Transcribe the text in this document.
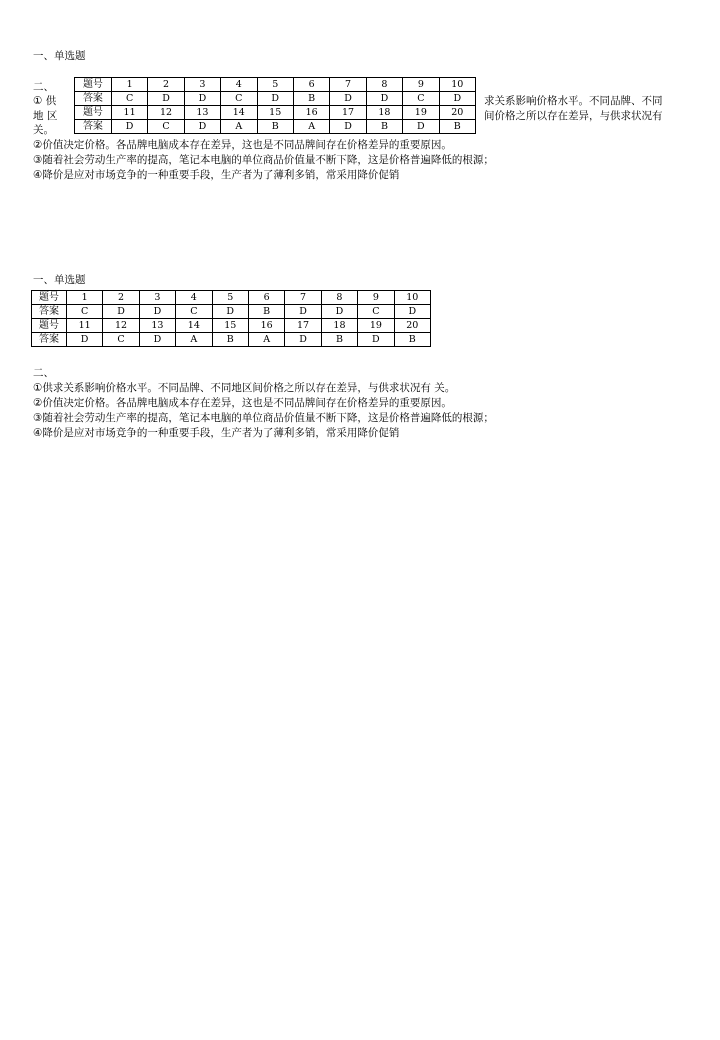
一、单选题
二、
① 供
地 区
关。
题号	1	2	3	4	5	6	7	8	9	10
答案	C	D	D	C	D	B	D	D	C	D
题号	11	12	13	14	15	16	17	18	19	20
答案	D	C	D	A	B	A	D	B	D	B
求关系影响价格水平。不同品牌、不同
间价格之所以存在差异，与供求状况有
②价值决定价格。各品牌电脑成本存在差异，这也是不同品牌间存在价格差异的重要原因。
③随着社会劳动生产率的提高，笔记本电脑的单位商品价值量不断下降，这是价格普遍降低的根源；
④降价是应对市场竞争的一种重要手段，生产者为了薄利多销，常采用降价促销
一、单选题
题号	1	2	3	4	5	6	7	8	9	10
答案	C	D	D	C	D	B	D	D	C	D
题号	11	12	13	14	15	16	17	18	19	20
答案	D	C	D	A	B	A	D	B	D	B
二、
①供求关系影响价格水平。不同品牌、不同地区间价格之所以存在差异，与供求状况有 关。
②价值决定价格。各品牌电脑成本存在差异，这也是不同品牌间存在价格差异的重要原因。
③随着社会劳动生产率的提高，笔记本电脑的单位商品价值量不断下降，这是价格普遍降低的根源；
④降价是应对市场竞争的一种重要手段，生产者为了薄利多销，常采用降价促销
